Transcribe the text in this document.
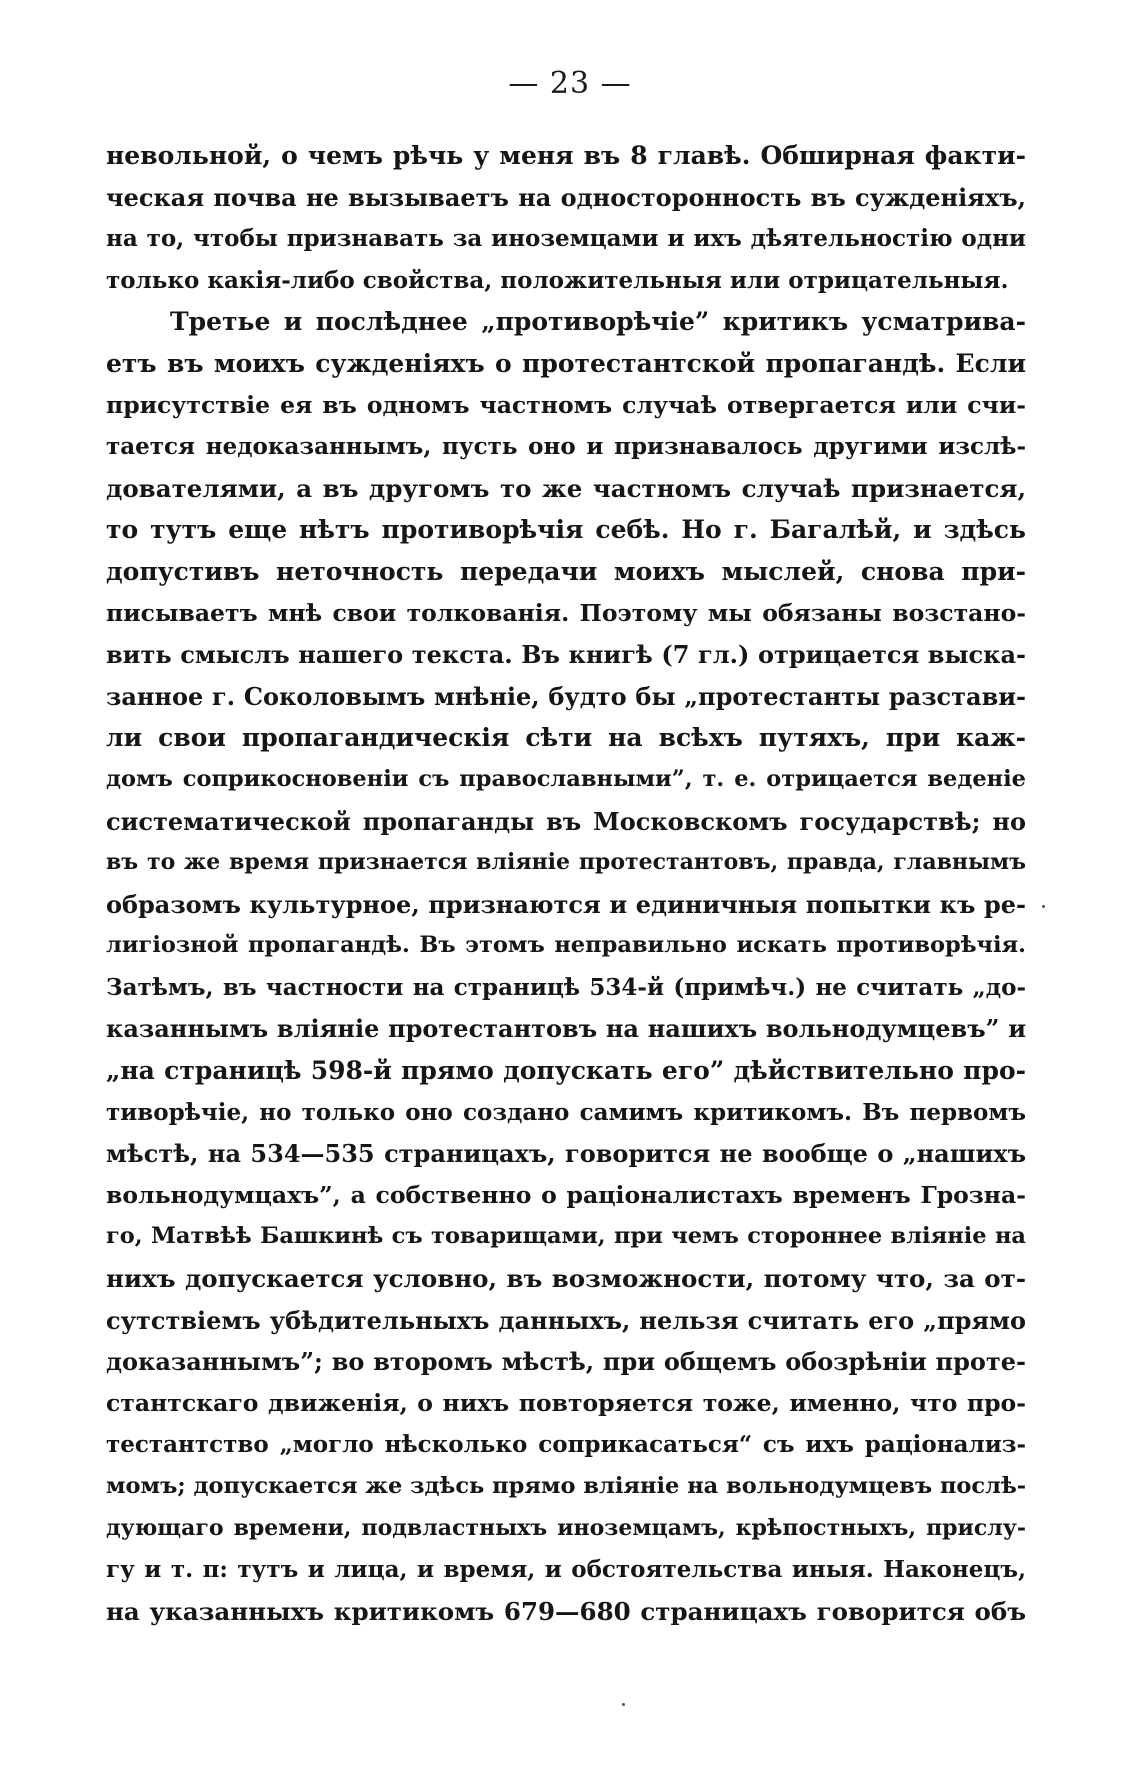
— 23 —
невольной, о чемъ рѣчь у меня въ 8 главѣ. Обширная факти-
ческая почва не вызываетъ на односторонность въ сужденiяхъ,
на то, чтобы признавать за иноземцами и ихъ дѣятельностiю одни
только какiя-либо свойства, положительныя или отрицательныя.
Третье и послѣднее „противорѣчiе” критикъ усматрива-
етъ въ моихъ сужденiяхъ о протестантской пропагандѣ. Если
присутствiе ея въ одномъ частномъ случаѣ отвергается или счи-
тается недоказаннымъ, пусть оно и признавалось другими изслѣ-
дователями, а въ другомъ то же частномъ случаѣ признается,
то тутъ еще нѣтъ противорѣчiя себѣ. Но г. Багалѣй, и здѣсь
допустивъ неточность передачи моихъ мыслей, снова при-
писываетъ мнѣ свои толкованiя. Поэтому мы обязаны возстано-
вить смыслъ нашего текста. Въ книгѣ (7 гл.) отрицается выска-
занное г. Соколовымъ мнѣнiе, будто бы „протестанты разстави-
ли свои пропагандическiя сѣти на всѣхъ путяхъ, при каж-
домъ соприкосновенiи съ православными”, т. е. отрицается веденiе
систематической пропаганды въ Московскомъ государствѣ; но
въ то же время признается влiянiе протестантовъ, правда, главнымъ
образомъ культурное, признаются и единичныя попытки къ ре-
лигiозной пропагандѣ. Въ этомъ неправильно искать противорѣчiя.
Затѣмъ, въ частности на страницѣ 534-й (примѣч.) не считать „до-
казаннымъ влiянiе протестантовъ на нашихъ вольнодумцевъ” и
„на страницѣ 598-й прямо допускать его” дѣйствительно про-
тиворѣчiе, но только оно создано самимъ критикомъ. Въ первомъ
мѣстѣ, на 534—535 страницахъ, говорится не вообще о „нашихъ
вольнодумцахъ”, а собственно о рацiоналистахъ временъ Грозна-
го, Матвѣѣ Башкинѣ съ товарищами, при чемъ стороннее влiянiе на
нихъ допускается условно, въ возможности, потому что, за от-
сутствiемъ убѣдительныхъ данныхъ, нельзя считать его „прямо
доказаннымъ”; во второмъ мѣстѣ, при общемъ обозрѣнiи проте-
стантскаго движенiя, о нихъ повторяется тоже, именно, что про-
тестантство „могло нѣсколько соприкасаться“ съ ихъ рацiонализ-
момъ; допускается же здѣсь прямо влiянiе на вольнодумцевъ послѣ-
дующаго времени, подвластныхъ иноземцамъ, крѣпостныхъ, прислу-
гу и т. п: тутъ и лица, и время, и обстоятельства иныя. Наконецъ,
на указанныхъ критикомъ 679—680 страницахъ говорится объ
